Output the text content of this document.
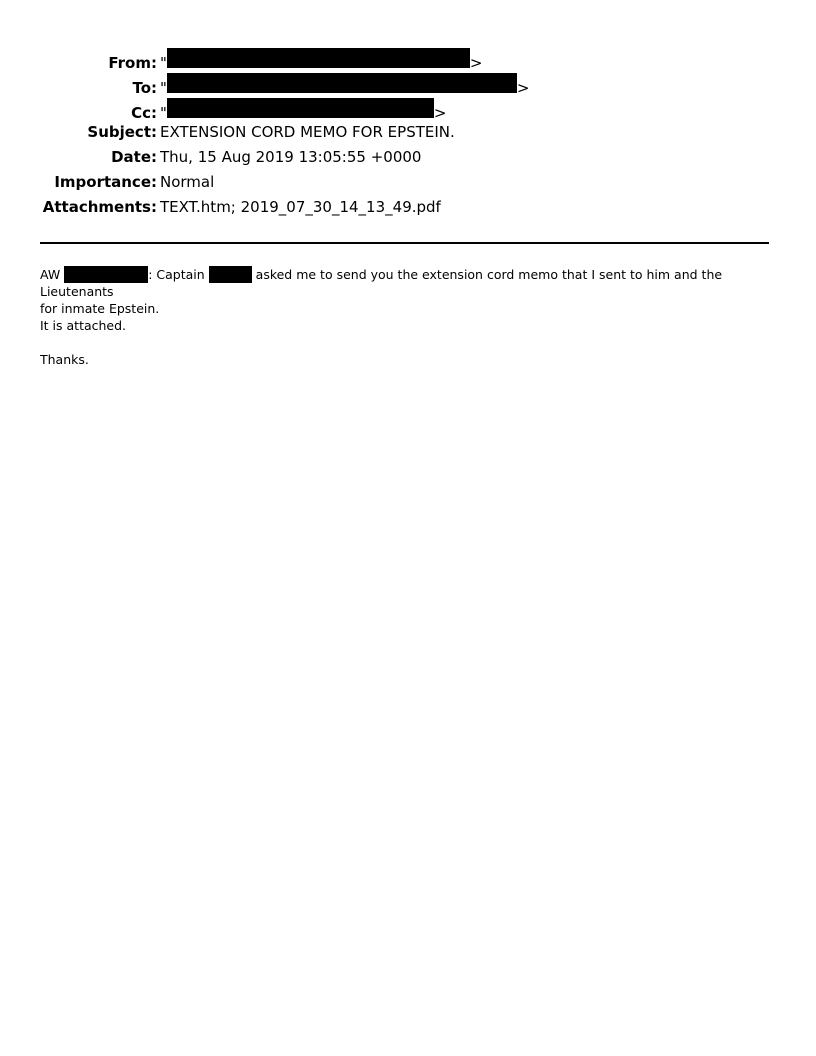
From: "	>
To: "	>
Cc: "	>
Subject: EXTENSION CORD MEMO FOR EPSTEIN.
Date: Thu, 15 Aug 2019 13:05:55 +0000
Importance: Normal
Attachments: TEXT.htm; 2019_07_30_14_13_49.pdf

AW	: Captain	asked me to send you the extension cord memo that I sent to him and the Lieutenants

for inmate Epstein.

It is attached.

Thanks.
